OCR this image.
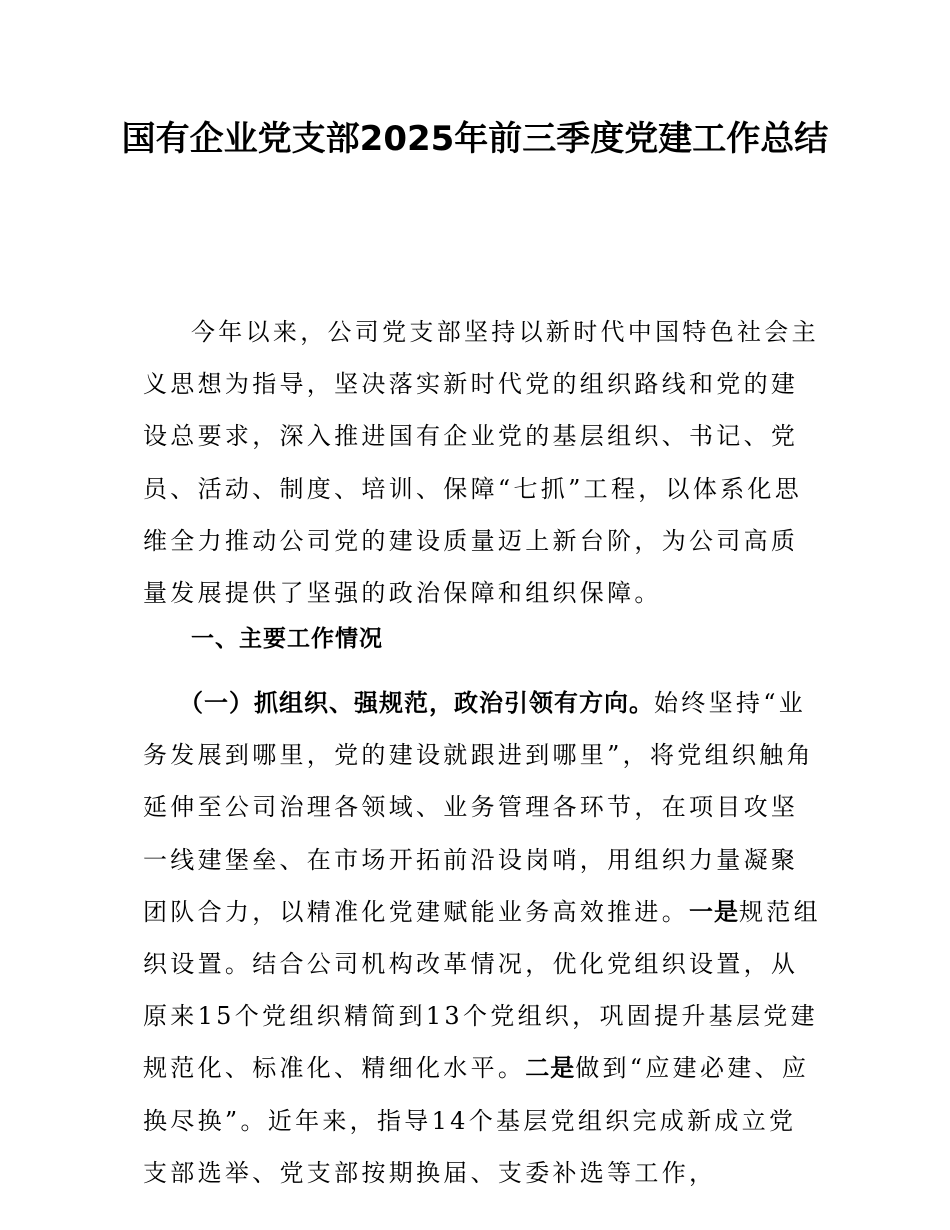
国有企业党支部2025年前三季度党建工作总结
今年以来，公司党支部坚持以新时代中国特色社会主义思想为指导，坚决落实新时代党的组织路线和党的建设总要求，深入推进国有企业党的基层组织、书记、党员、活动、制度、培训、保障“七抓”工程，以体系化思维全力推动公司党的建设质量迈上新台阶，为公司高质量发展提供了坚强的政治保障和组织保障。
一、主要工作情况
（一）抓组织、强规范，政治引领有方向。始终坚持“业务发展到哪里，党的建设就跟进到哪里”，将党组织触角延伸至公司治理各领域、业务管理各环节，在项目攻坚一线建堡垒、在市场开拓前沿设岗哨，用组织力量凝聚团队合力，以精准化党建赋能业务高效推进。一是规范组织设置。结合公司机构改革情况，优化党组织设置，从原来15个党组织精简到13个党组织，巩固提升基层党建规范化、标准化、精细化水平。二是做到“应建必建、应换尽换”。近年来，指导14个基层党组织完成新成立党支部选举、党支部按期换届、支委补选等工作，
